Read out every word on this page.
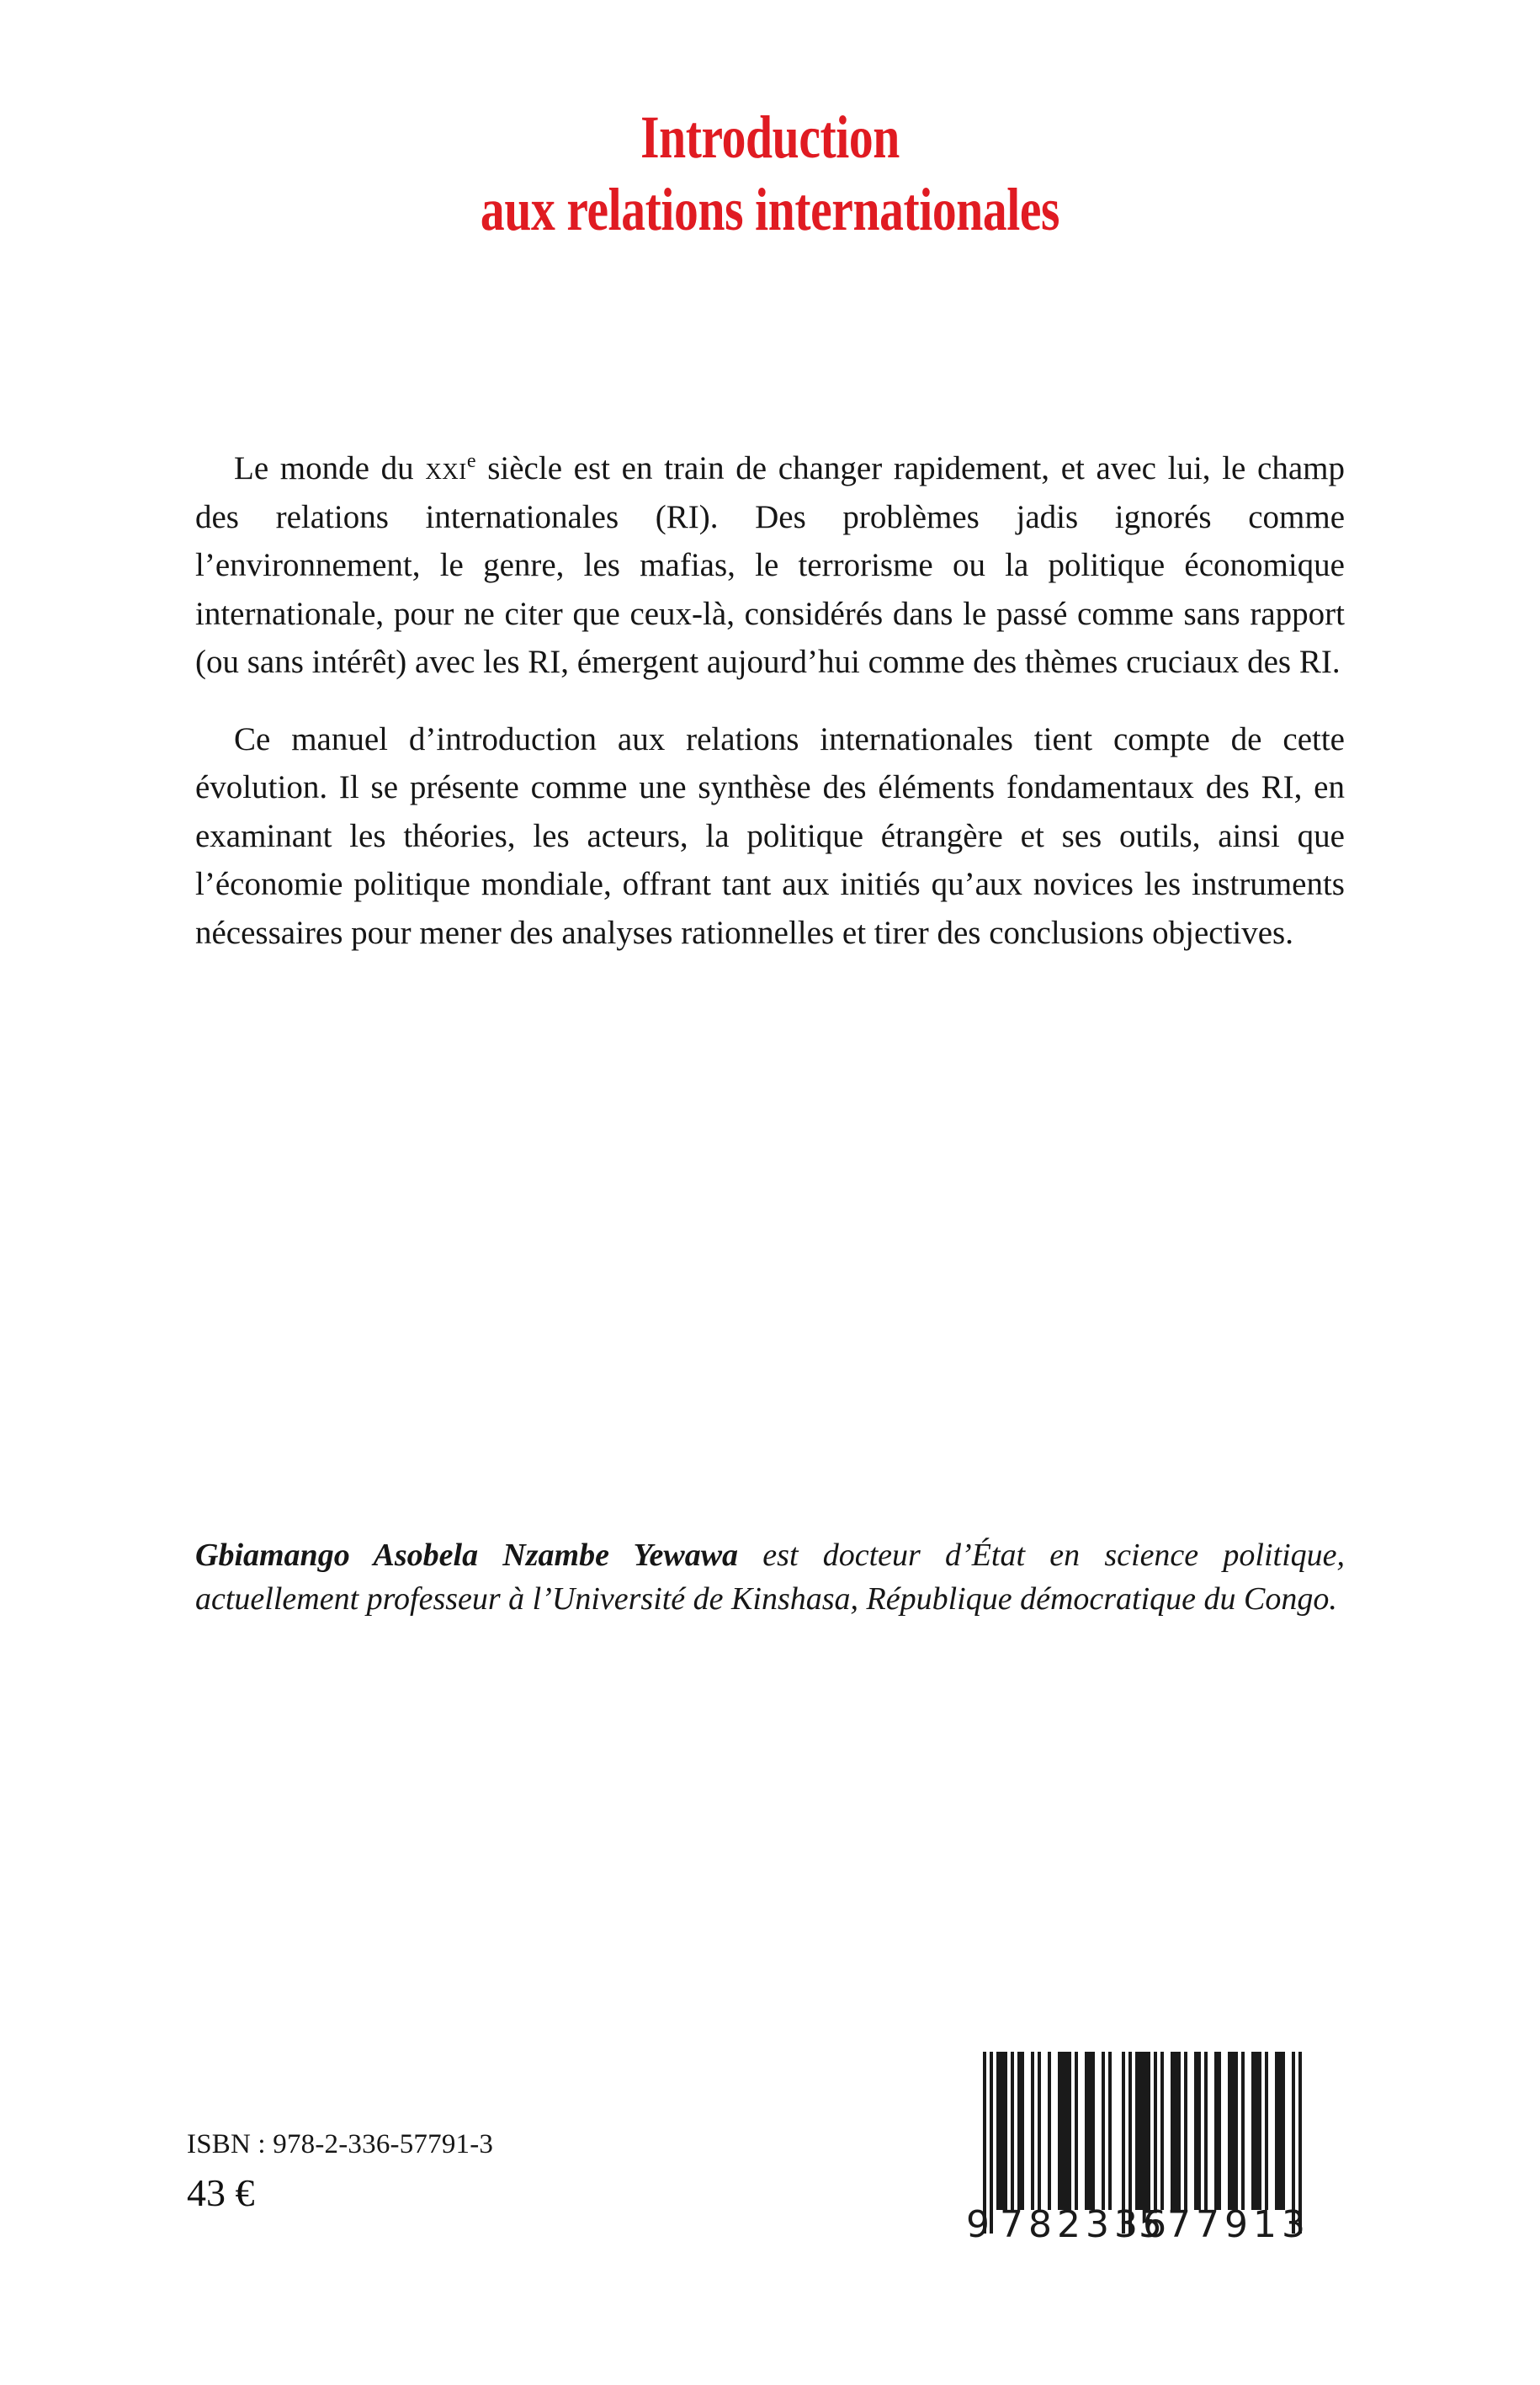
Introduction
aux relations internationales

Le monde du xxi$^e$ siècle est en train de changer rapidement, et avec lui, le champ des relations internationales (RI). Des problèmes jadis ignorés comme l’environnement, le genre, les mafias, le terrorisme ou la politique économique internationale, pour ne citer que ceux-là, considérés dans le passé comme sans rapport (ou sans intérêt) avec les RI, émergent aujourd’hui comme des thèmes cruciaux des RI.

Ce manuel d’introduction aux relations internationales tient compte de cette évolution. Il se présente comme une synthèse des éléments fondamentaux des RI, en examinant les théories, les acteurs, la politique étrangère et ses outils, ainsi que l’économie politique mondiale, offrant tant aux initiés qu’aux novices les instruments nécessaires pour mener des analyses rationnelles et tirer des conclusions objectives.

Gbiamango Asobela Nzambe Yewawa est docteur d’État en science politique, actuellement professeur à l’Université de Kinshasa, République démocratique du Congo.

ISBN : 978-2-336-57791-3
43 €
9 782336
577913
